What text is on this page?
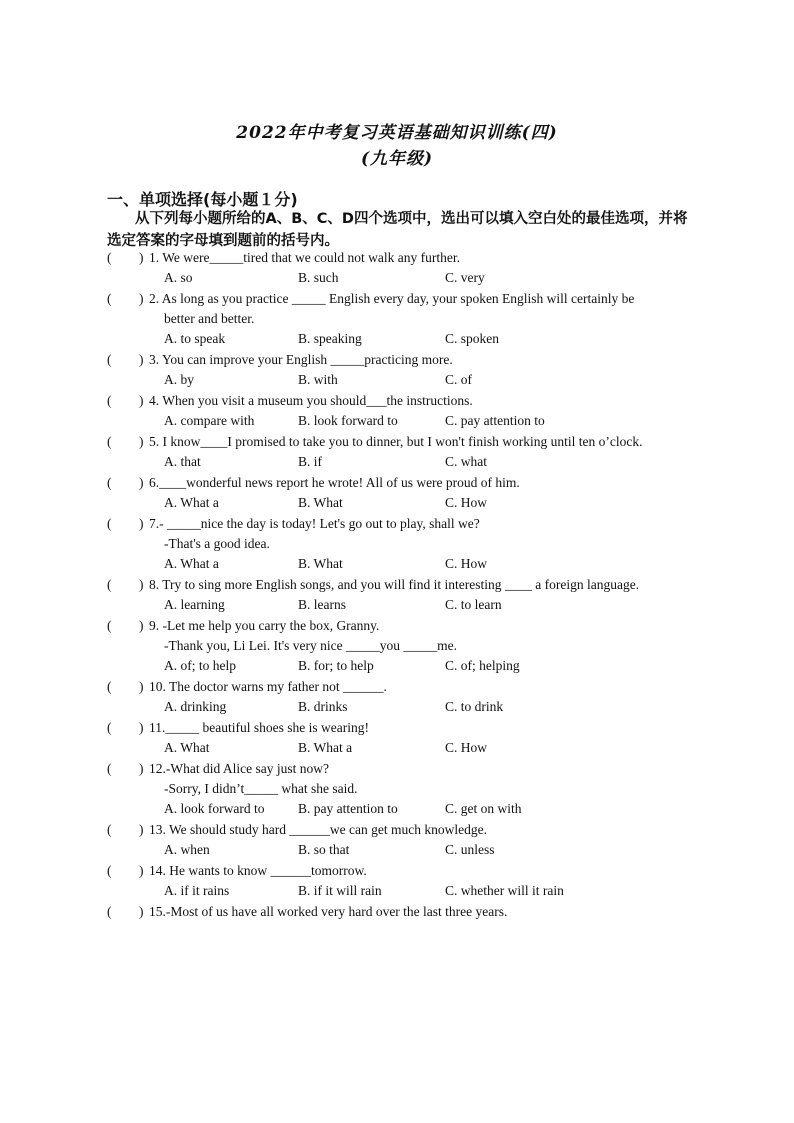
2022年中考复习英语基础知识训练(四)
(九年级)
一、单项选择(每小题１分)
从下列每小题所给的A、B、C、D四个选项中，选出可以填入空白处的最佳选项，并将
选定答案的字母填到题前的括号内。
( ) 1. We were_____tired that we could not walk any further.
A. so	B. such	C. very
( ) 2. As long as you practice _____ English every day, your spoken English will certainly be
better and better.
A. to speak	B. speaking	C. spoken
( ) 3. You can improve your English _____practicing more.
A. by	B. with	C. of
( ) 4. When you visit a museum you should___the instructions.
A. compare with	B. look forward to	C. pay attention to
( ) 5. I know____I promised to take you to dinner, but I won't finish working until ten o’clock.
A. that	B. if	C. what
( ) 6.____wonderful news report he wrote! All of us were proud of him.
A. What a	B. What	C. How
( ) 7.- _____nice the day is today! Let's go out to play, shall we?
-That's a good idea.
A. What a	B. What	C. How
( ) 8. Try to sing more English songs, and you will find it interesting ____ a foreign language.
A. learning	B. learns	C. to learn
( ) 9. -Let me help you carry the box, Granny.
-Thank you, Li Lei. It's very nice _____you _____me.
A. of; to help	B. for; to help	C. of; helping
( ) 10. The doctor warns my father not ______.
A. drinking	B. drinks	C. to drink
( ) 11._____ beautiful shoes she is wearing!
A. What	B. What a	C. How
( ) 12.-What did Alice say just now?
-Sorry, I didn’t_____ what she said.
A. look forward to B. pay attention to	C. get on with
( ) 13. We should study hard ______we can get much knowledge.
A. when	B. so that	C. unless
( ) 14. He wants to know ______tomorrow.
A. if it rains	B. if it will rain	C. whether will it rain
( ) 15.-Most of us have all worked very hard over the last three years.
